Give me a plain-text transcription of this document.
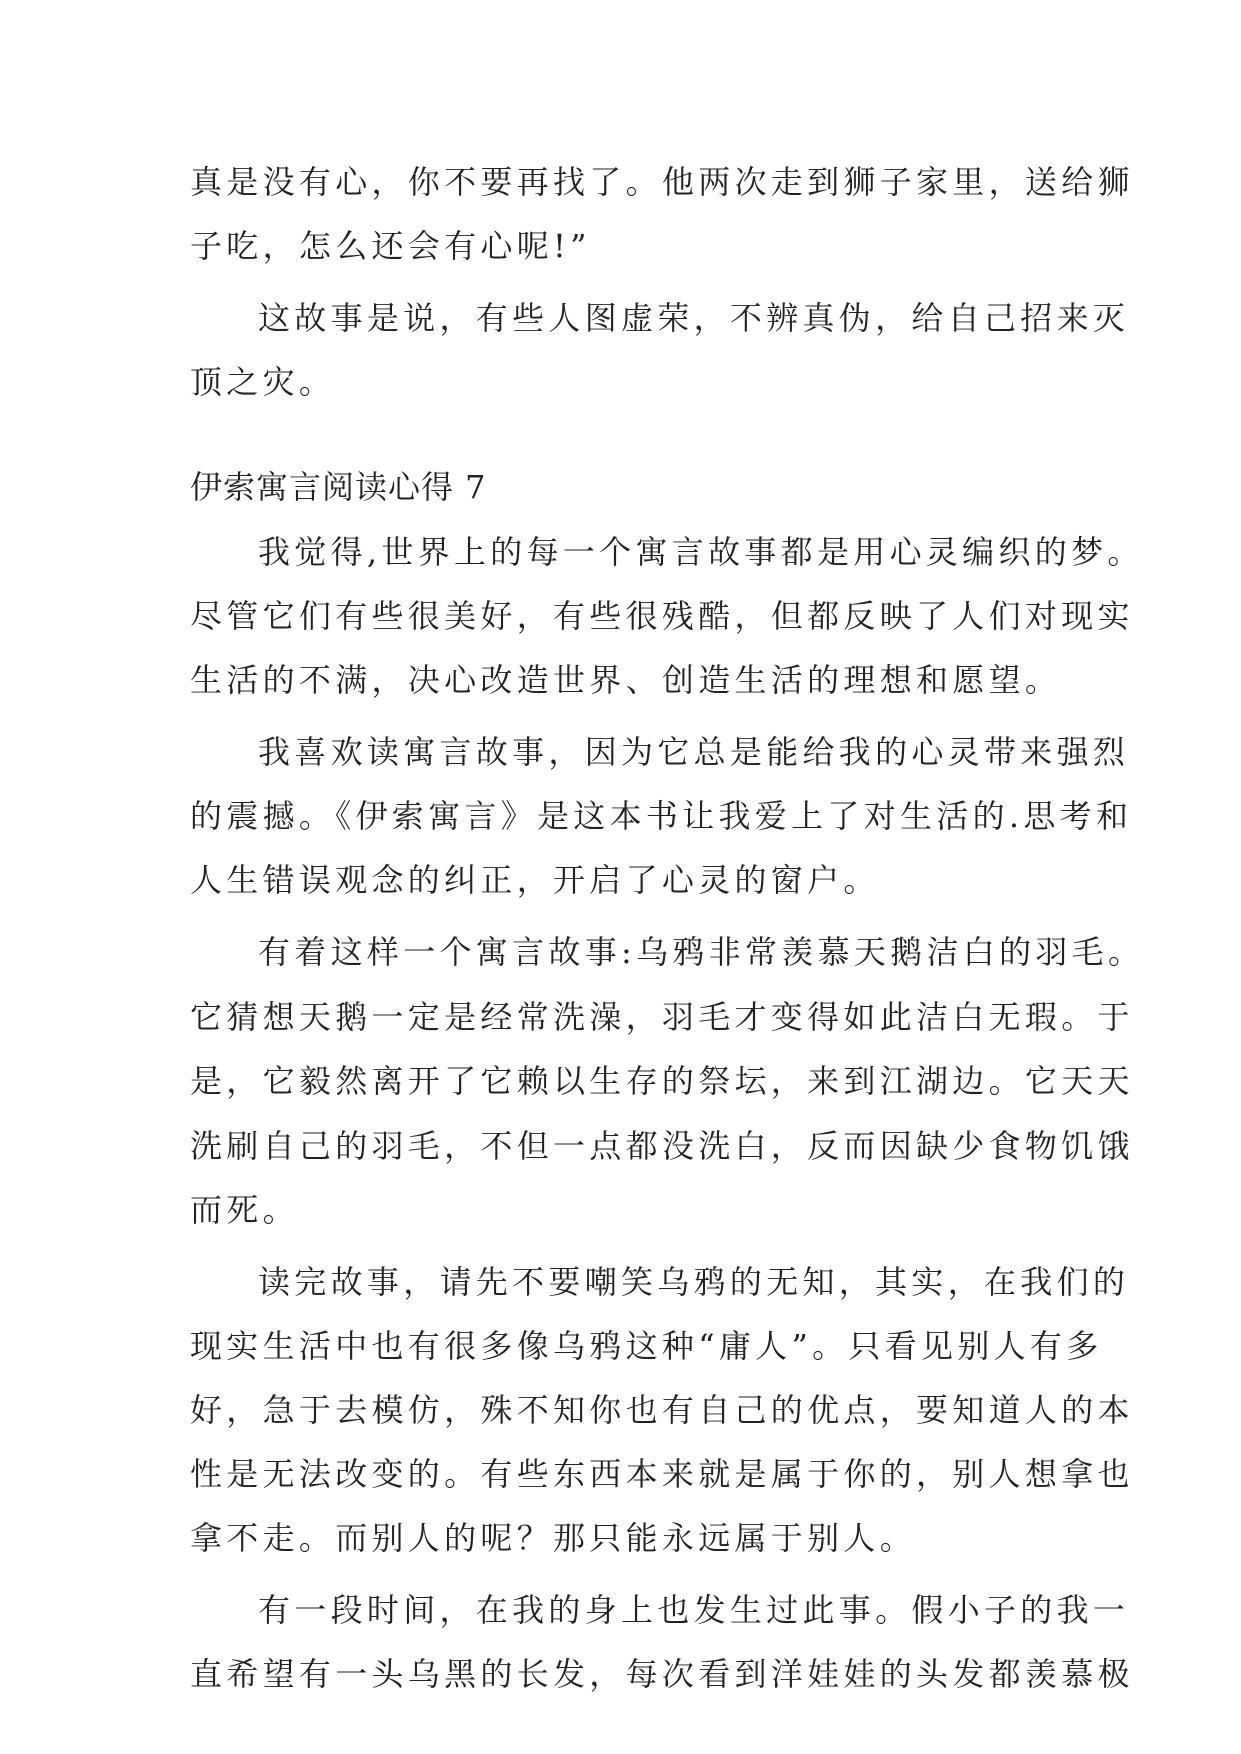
真是没有心，你不要再找了。他两次走到狮子家里，送给狮
子吃，怎么还会有心呢!”
这故事是说，有些人图虚荣，不辨真伪，给自己招来灭
顶之灾。
伊索寓言阅读心得 7
我觉得,世界上的每一个寓言故事都是用心灵编织的梦。
尽管它们有些很美好，有些很残酷，但都反映了人们对现实
生活的不满，决心改造世界、创造生活的理想和愿望。
我喜欢读寓言故事，因为它总是能给我的心灵带来强烈
的震撼。《伊索寓言》是这本书让我爱上了对生活的.思考和
人生错误观念的纠正，开启了心灵的窗户。
有着这样一个寓言故事:乌鸦非常羡慕天鹅洁白的羽毛。
它猜想天鹅一定是经常洗澡，羽毛才变得如此洁白无瑕。于
是，它毅然离开了它赖以生存的祭坛，来到江湖边。它天天
洗刷自己的羽毛，不但一点都没洗白，反而因缺少食物饥饿
而死。
读完故事，请先不要嘲笑乌鸦的无知，其实，在我们的
现实生活中也有很多像乌鸦这种“庸人”。只看见别人有多
好，急于去模仿，殊不知你也有自己的优点，要知道人的本
性是无法改变的。有些东西本来就是属于你的，别人想拿也
拿不走。而别人的呢？那只能永远属于别人。
有一段时间，在我的身上也发生过此事。假小子的我一
直希望有一头乌黑的长发，每次看到洋娃娃的头发都羡慕极
